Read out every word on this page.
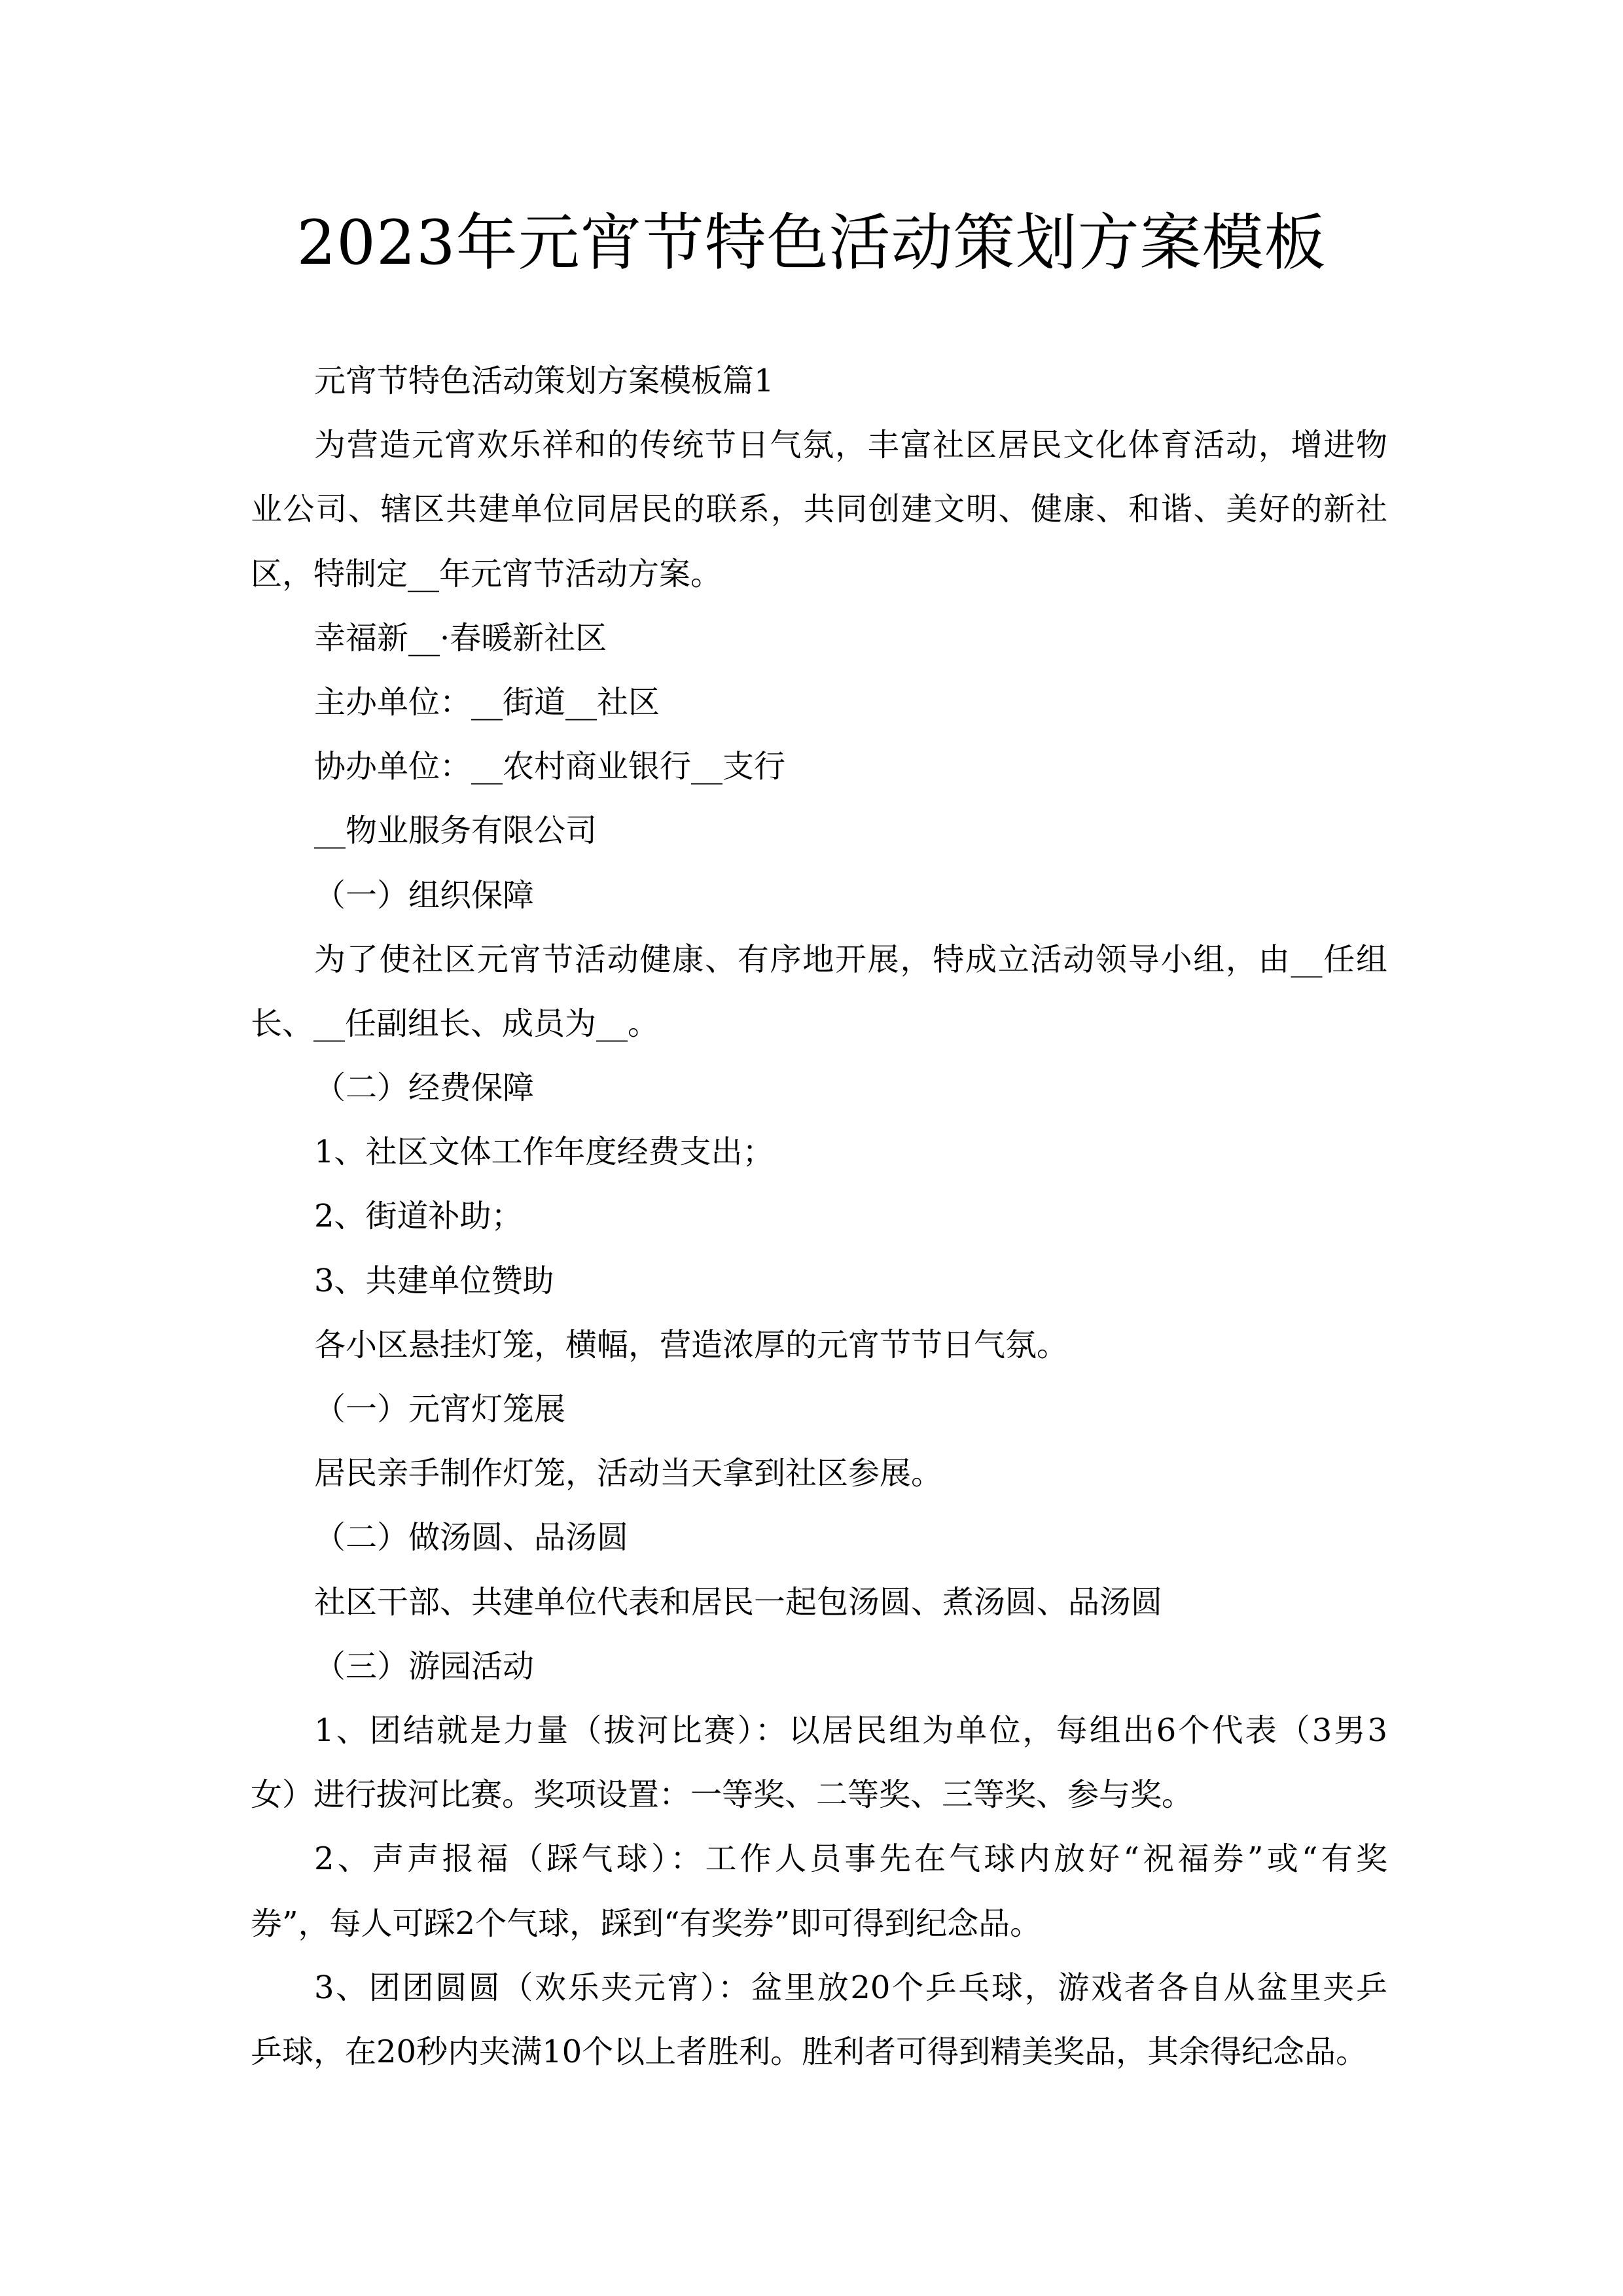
2023年元宵节特色活动策划方案模板
元宵节特色活动策划方案模板篇1
为营造元宵欢乐祥和的传统节日气氛，丰富社区居民文化体育活动，增进物
业公司、辖区共建单位同居民的联系，共同创建文明、健康、和谐、美好的新社
区，特制定__年元宵节活动方案。
幸福新__·春暖新社区
主办单位：__街道__社区
协办单位：__农村商业银行__支行
__物业服务有限公司
（一）组织保障
为了使社区元宵节活动健康、有序地开展，特成立活动领导小组，由__任组
长、__任副组长、成员为__。
（二）经费保障
1、社区文体工作年度经费支出；
2、街道补助；
3、共建单位赞助
各小区悬挂灯笼，横幅，营造浓厚的元宵节节日气氛。
（一）元宵灯笼展
居民亲手制作灯笼，活动当天拿到社区参展。
（二）做汤圆、品汤圆
社区干部、共建单位代表和居民一起包汤圆、煮汤圆、品汤圆
（三）游园活动
1、团结就是力量（拔河比赛）：以居民组为单位，每组出6个代表（3男3
女）进行拔河比赛。奖项设置：一等奖、二等奖、三等奖、参与奖。
2、声声报福（踩气球）：工作人员事先在气球内放好“祝福券”或“有奖
券”，每人可踩2个气球，踩到“有奖券”即可得到纪念品。
3、团团圆圆（欢乐夹元宵）：盆里放20个乒乓球，游戏者各自从盆里夹乒
乒球，在20秒内夹满10个以上者胜利。胜利者可得到精美奖品，其余得纪念品。
